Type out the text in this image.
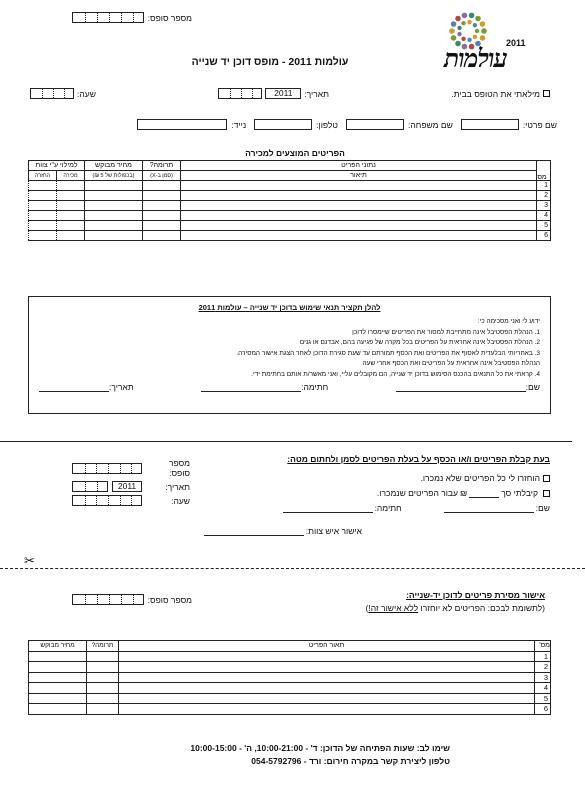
2011
עולמות
מספר סופס:
עולמות 2011 - מופס דוכן יד שנייה
מילאתי את הטופס בבית.
תאריך:
2011
שעה:
שם פרטי:
שם משפחה:
טלפון:
נייד:
הפריטים המוצעים למכירה
	נתוני הפריט	תרומה?	מחיר מבוקש	למילוי ע"י צוות	
	תיאור	(סמן ב-X)	(בכפולות של 5 ₪)	מכירה	החזרה
1					
2					
3					
4					
5					
6					
מס'
להלן תקציר תנאי שימוש בדוכן יד שנייה – עולמות 2011

ידוע לי ואני מסכימה כי:

1. הנהלת הפסטיבל אינה מתחייבת למסור את הפריטים שיימסרו לדוכן

2. הנהלת הפסטיבל אינה אחראית על הפריטים בכל מקרה של פגיעה בהם, אבדנם או גנים

3. באחריותי הבלעדית לאסוף את הפריטים ואת הכסף תמורתם עד שעת סגירת הדוכן לאחר הצגת אישור המסירה.

הנהלת הפסטיבל אינה אחראית על הפריטים ואת הכסף אחרי שעה

4. קראתי את כל התנאים בהכנס הסימוש בדוכן יד שנייה, הם מקובלים עליי, ואני מאשר/ת אותם בחתימת ידי.

שם:
חתימה:
תאריך:
בעת קבלת הפריטים ו/או הכסף על בעלת הפריטים לסמן ולחתום מטה:
הוחזרו לי כל הפריטים שלא נמכרו.
קיבלתי סך
₪
עבור הפריטים שנמכרו.
שם:
חתימה:
אישור איש צוות:
מספר סופס:
תאריך:
2011
שעה:
✂
אישור מסירת פריטים לדוכן יד-שנייה:
(לתשומת לבכם: הפריטים לא יוחזרו ללא אישור זה!)
מספר סופס:
מס'	תאור הפריט	תרומה?	מחיר מבוקש
1			
2			
3			
4			
5			
6			
שימו לב: שעות הפתיחה של הדוכן: ד' - 10:00-21:00, ה' - 10:00-15:00
טלפון ליצירת קשר במקרה חירום: ורד - 054-5792796
